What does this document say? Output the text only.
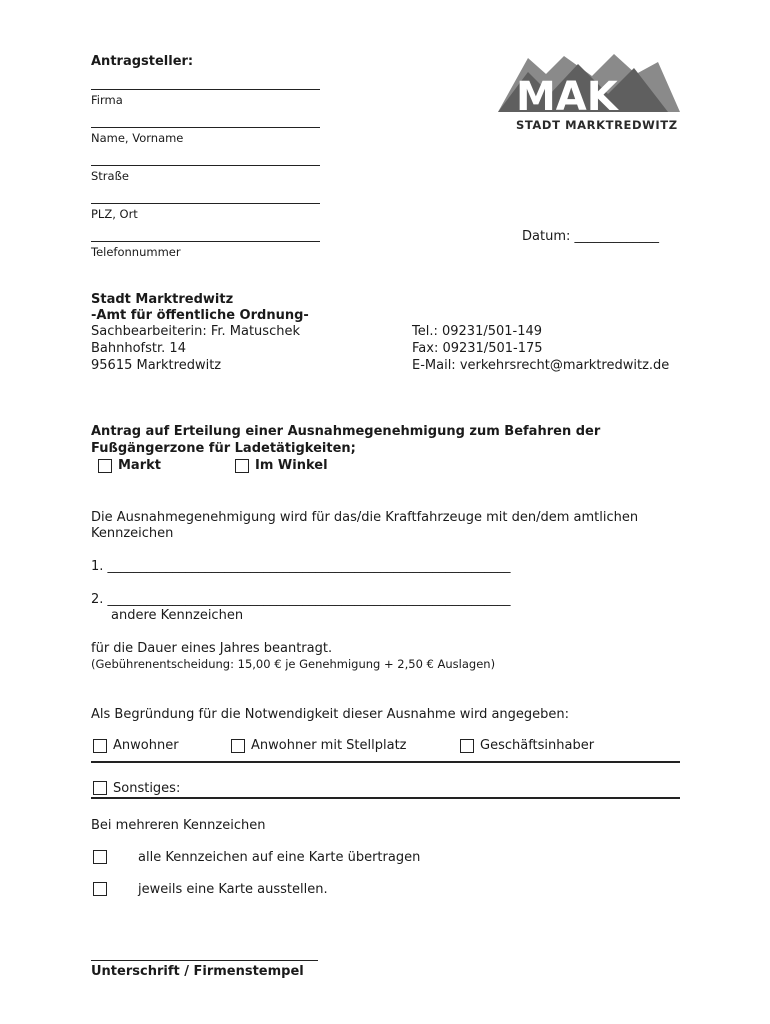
Antragsteller:
Firma
Name, Vorname
Straße
PLZ, Ort
Telefonnummer
MAK
STADT MARKTREDWITZ
Datum: _____________
Stadt Marktredwitz
-Amt für öffentliche Ordnung-
Sachbearbeiterin: Fr. Matuschek
Bahnhofstr. 14
95615 Marktredwitz
Tel.: 09231/501-149
Fax: 09231/501-175
E-Mail: verkehrsrecht@marktredwitz.de
Antrag auf Erteilung einer Ausnahmegenehmigung zum Befahren der
Fußgängerzone für Ladetätigkeiten;
Markt	Im Winkel
Die Ausnahmegenehmigung wird für das/die Kraftfahrzeuge mit den/dem amtlichen
Kennzeichen
1. ______________________________________________________________
2. ______________________________________________________________
andere Kennzeichen
für die Dauer eines Jahres beantragt.
(Gebührenentscheidung: 15,00 € je Genehmigung + 2,50 € Auslagen)
Als Begründung für die Notwendigkeit dieser Ausnahme wird angegeben:
Anwohner	Anwohner mit Stellplatz	Geschäftsinhaber
Sonstiges:
Bei mehreren Kennzeichen
alle Kennzeichen auf eine Karte übertragen
jeweils eine Karte ausstellen.
Unterschrift / Firmenstempel
